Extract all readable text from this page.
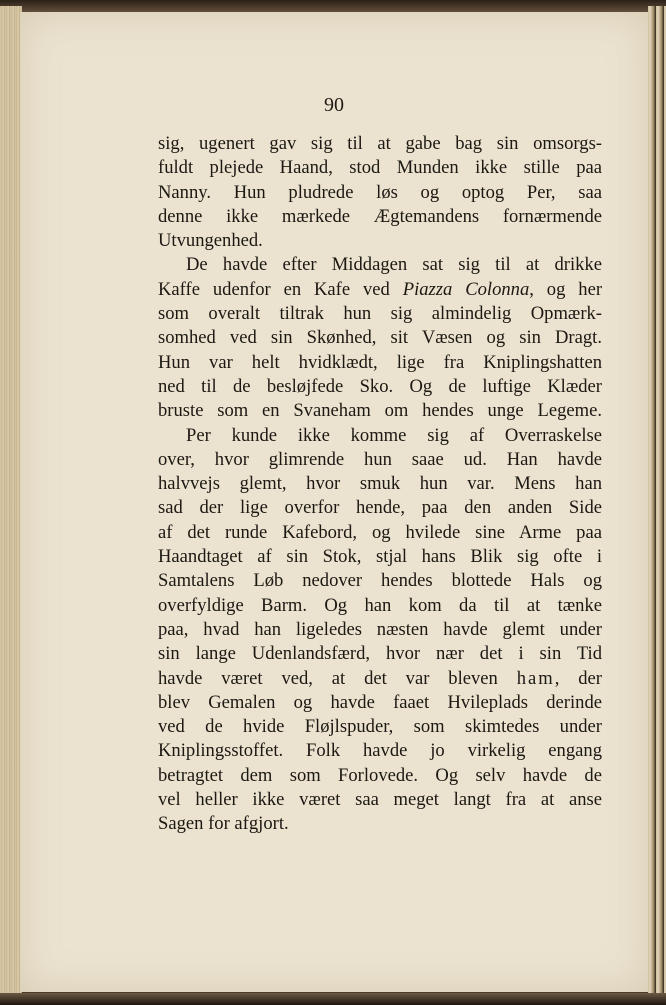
90

sig, ugenert gav sig til at gabe bag sin omsorgs-
fuldt plejede Haand, stod Munden ikke stille paa
Nanny. Hun pludrede løs og optog Per, saa
denne ikke mærkede Ægtemandens fornærmende
Utvungenhed.
De havde efter Middagen sat sig til at drikke
Kaffe udenfor en Kafe ved Piazza Colonna, og her
som overalt tiltrak hun sig almindelig Opmærk-
somhed ved sin Skønhed, sit Væsen og sin Dragt.
Hun var helt hvidklædt, lige fra Kniplingshatten
ned til de besløjfede Sko. Og de luftige Klæder
bruste som en Svaneham om hendes unge Legeme.
Per kunde ikke komme sig af Overraskelse
over, hvor glimrende hun saae ud. Han havde
halvvejs glemt, hvor smuk hun var. Mens han
sad der lige overfor hende, paa den anden Side
af det runde Kafebord, og hvilede sine Arme paa
Haandtaget af sin Stok, stjal hans Blik sig ofte i
Samtalens Løb nedover hendes blottede Hals og
overfyldige Barm. Og han kom da til at tænke
paa, hvad han ligeledes næsten havde glemt under
sin lange Udenlandsfærd, hvor nær det i sin Tid
havde været ved, at det var bleven ham, der
blev Gemalen og havde faaet Hvileplads derinde
ved de hvide Fløjlspuder, som skimtedes under
Kniplingsstoffet. Folk havde jo virkelig engang
betragtet dem som Forlovede. Og selv havde de
vel heller ikke været saa meget langt fra at anse
Sagen for afgjort.
